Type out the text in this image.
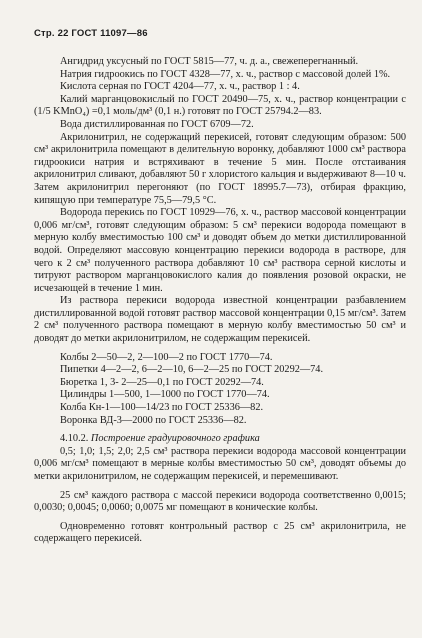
Стр. 22 ГОСТ 11097—86

Ангидрид уксусный по ГОСТ 5815—77, ч. д. а., свежеперегнанный.

Натрия гидроокись по ГОСТ 4328—77, х. ч., раствор с массовой долей 1%.

Кислота серная по ГОСТ 4204—77, х. ч., раствор 1 : 4.

Калий марганцовокислый по ГОСТ 20490—75, х. ч., раствор концентрации c (1/5 KMnO₄) =0,1 моль/дм³ (0,1 н.) готовят по ГОСТ 25794.2—83.

Вода дистиллированная по ГОСТ 6709—72.

Акрилонитрил, не содержащий перекисей, готовят следующим образом: 500 см³ акрилонитрила помещают в делительную воронку, добавляют 1000 см³ раствора гидроокиси натрия и встряхивают в течение 5 мин. После отстаивания акрилонитрил сливают, добавляют 50 г хлористого кальция и выдерживают 8—10 ч. Затем акрилонитрил перегоняют (по ГОСТ 18995.7—73), отбирая фракцию, кипящую при температуре 75,5—79,5 °С.

Водорода перекись по ГОСТ 10929—76, х. ч., раствор массовой концентрации 0,006 мг/см³, готовят следующим образом: 5 см³ перекиси водорода помещают в мерную колбу вместимостью 100 см³ и доводят объем до метки дистиллированной водой. Определяют массовую концентрацию перекиси водорода в растворе, для чего к 2 см³ полученного раствора добавляют 10 см³ раствора серной кислоты и титруют раствором марганцовокислого калия до появления розовой окраски, не исчезающей в течение 1 мин.

Из раствора перекиси водорода известной концентрации разбавлением дистиллированной водой готовят раствор массовой концентрации 0,15 мг/см³. Затем 2 см³ полученного раствора помещают в мерную колбу вместимостью 50 см³ и доводят до метки акрилонитрилом, не содержащим перекисей.

Колбы 2—50—2, 2—100—2 по ГОСТ 1770—74.

Пипетки 4—2—2, 6—2—10, 6—2—25 по ГОСТ 20292—74.

Бюретка 1, 3- 2—25—0,1 по ГОСТ 20292—74.

Цилиндры 1—500, 1—1000 по ГОСТ 1770—74.

Колба Кн-1—100—14/23 по ГОСТ 25336—82.

Воронка ВД-3—2000 по ГОСТ 25336—82.

4.10.2. Построение градуировочного графика

0,5; 1,0; 1,5; 2,0; 2,5 см³ раствора перекиси водорода массовой концентрации 0,006 мг/см³ помещают в мерные колбы вместимостью 50 см³, доводят объемы до метки акрилонитрилом, не содержащим перекисей, и перемешивают.

25 см³ каждого раствора с массой перекиси водорода соответственно 0,0015; 0,0030; 0,0045; 0,0060; 0,0075 мг помещают в конические колбы.

Одновременно готовят контрольный раствор с 25 см³ акрилонитрила, не содержащего перекисей.
